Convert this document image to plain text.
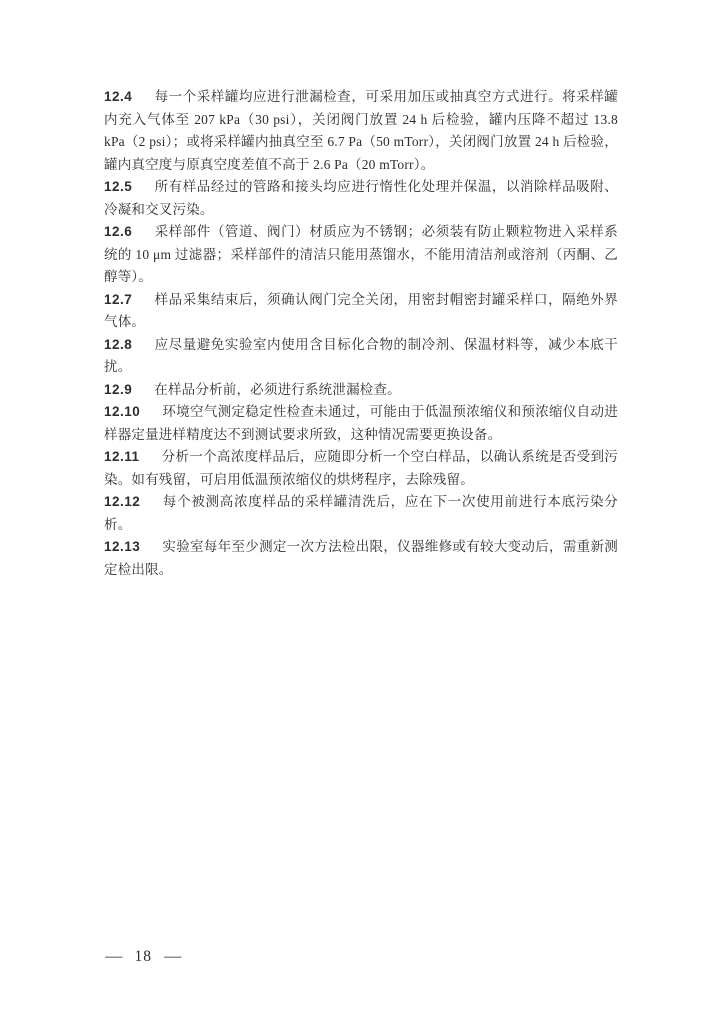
12.4 每一个采样罐均应进行泄漏检查，可采用加压或抽真空方式进行。将采样罐内充入气体至 207 kPa（30 psi），关闭阀门放置 24 h 后检验，罐内压降不超过 13.8 kPa（2 psi）；或将采样罐内抽真空至 6.7 Pa（50 mTorr），关闭阀门放置 24 h 后检验，罐内真空度与原真空度差值不高于 2.6 Pa（20 mTorr）。

12.5 所有样品经过的管路和接头均应进行惰性化处理并保温，以消除样品吸附、冷凝和交叉污染。

12.6 采样部件（管道、阀门）材质应为不锈钢；必须装有防止颗粒物进入采样系统的 10 μm 过滤器；采样部件的清洁只能用蒸馏水，不能用清洁剂或溶剂（丙酮、乙醇等）。

12.7 样品采集结束后，须确认阀门完全关闭，用密封帽密封罐采样口，隔绝外界气体。

12.8 应尽量避免实验室内使用含目标化合物的制冷剂、保温材料等，减少本底干扰。

12.9 在样品分析前，必须进行系统泄漏检查。

12.10 环境空气测定稳定性检查未通过，可能由于低温预浓缩仪和预浓缩仪自动进样器定量进样精度达不到测试要求所致，这种情况需要更换设备。

12.11 分析一个高浓度样品后，应随即分析一个空白样品，以确认系统是否受到污染。如有残留，可启用低温预浓缩仪的烘烤程序，去除残留。

12.12 每个被测高浓度样品的采样罐清洗后，应在下一次使用前进行本底污染分析。

12.13 实验室每年至少测定一次方法检出限，仪器维修或有较大变动后，需重新测定检出限。

— 18 —
